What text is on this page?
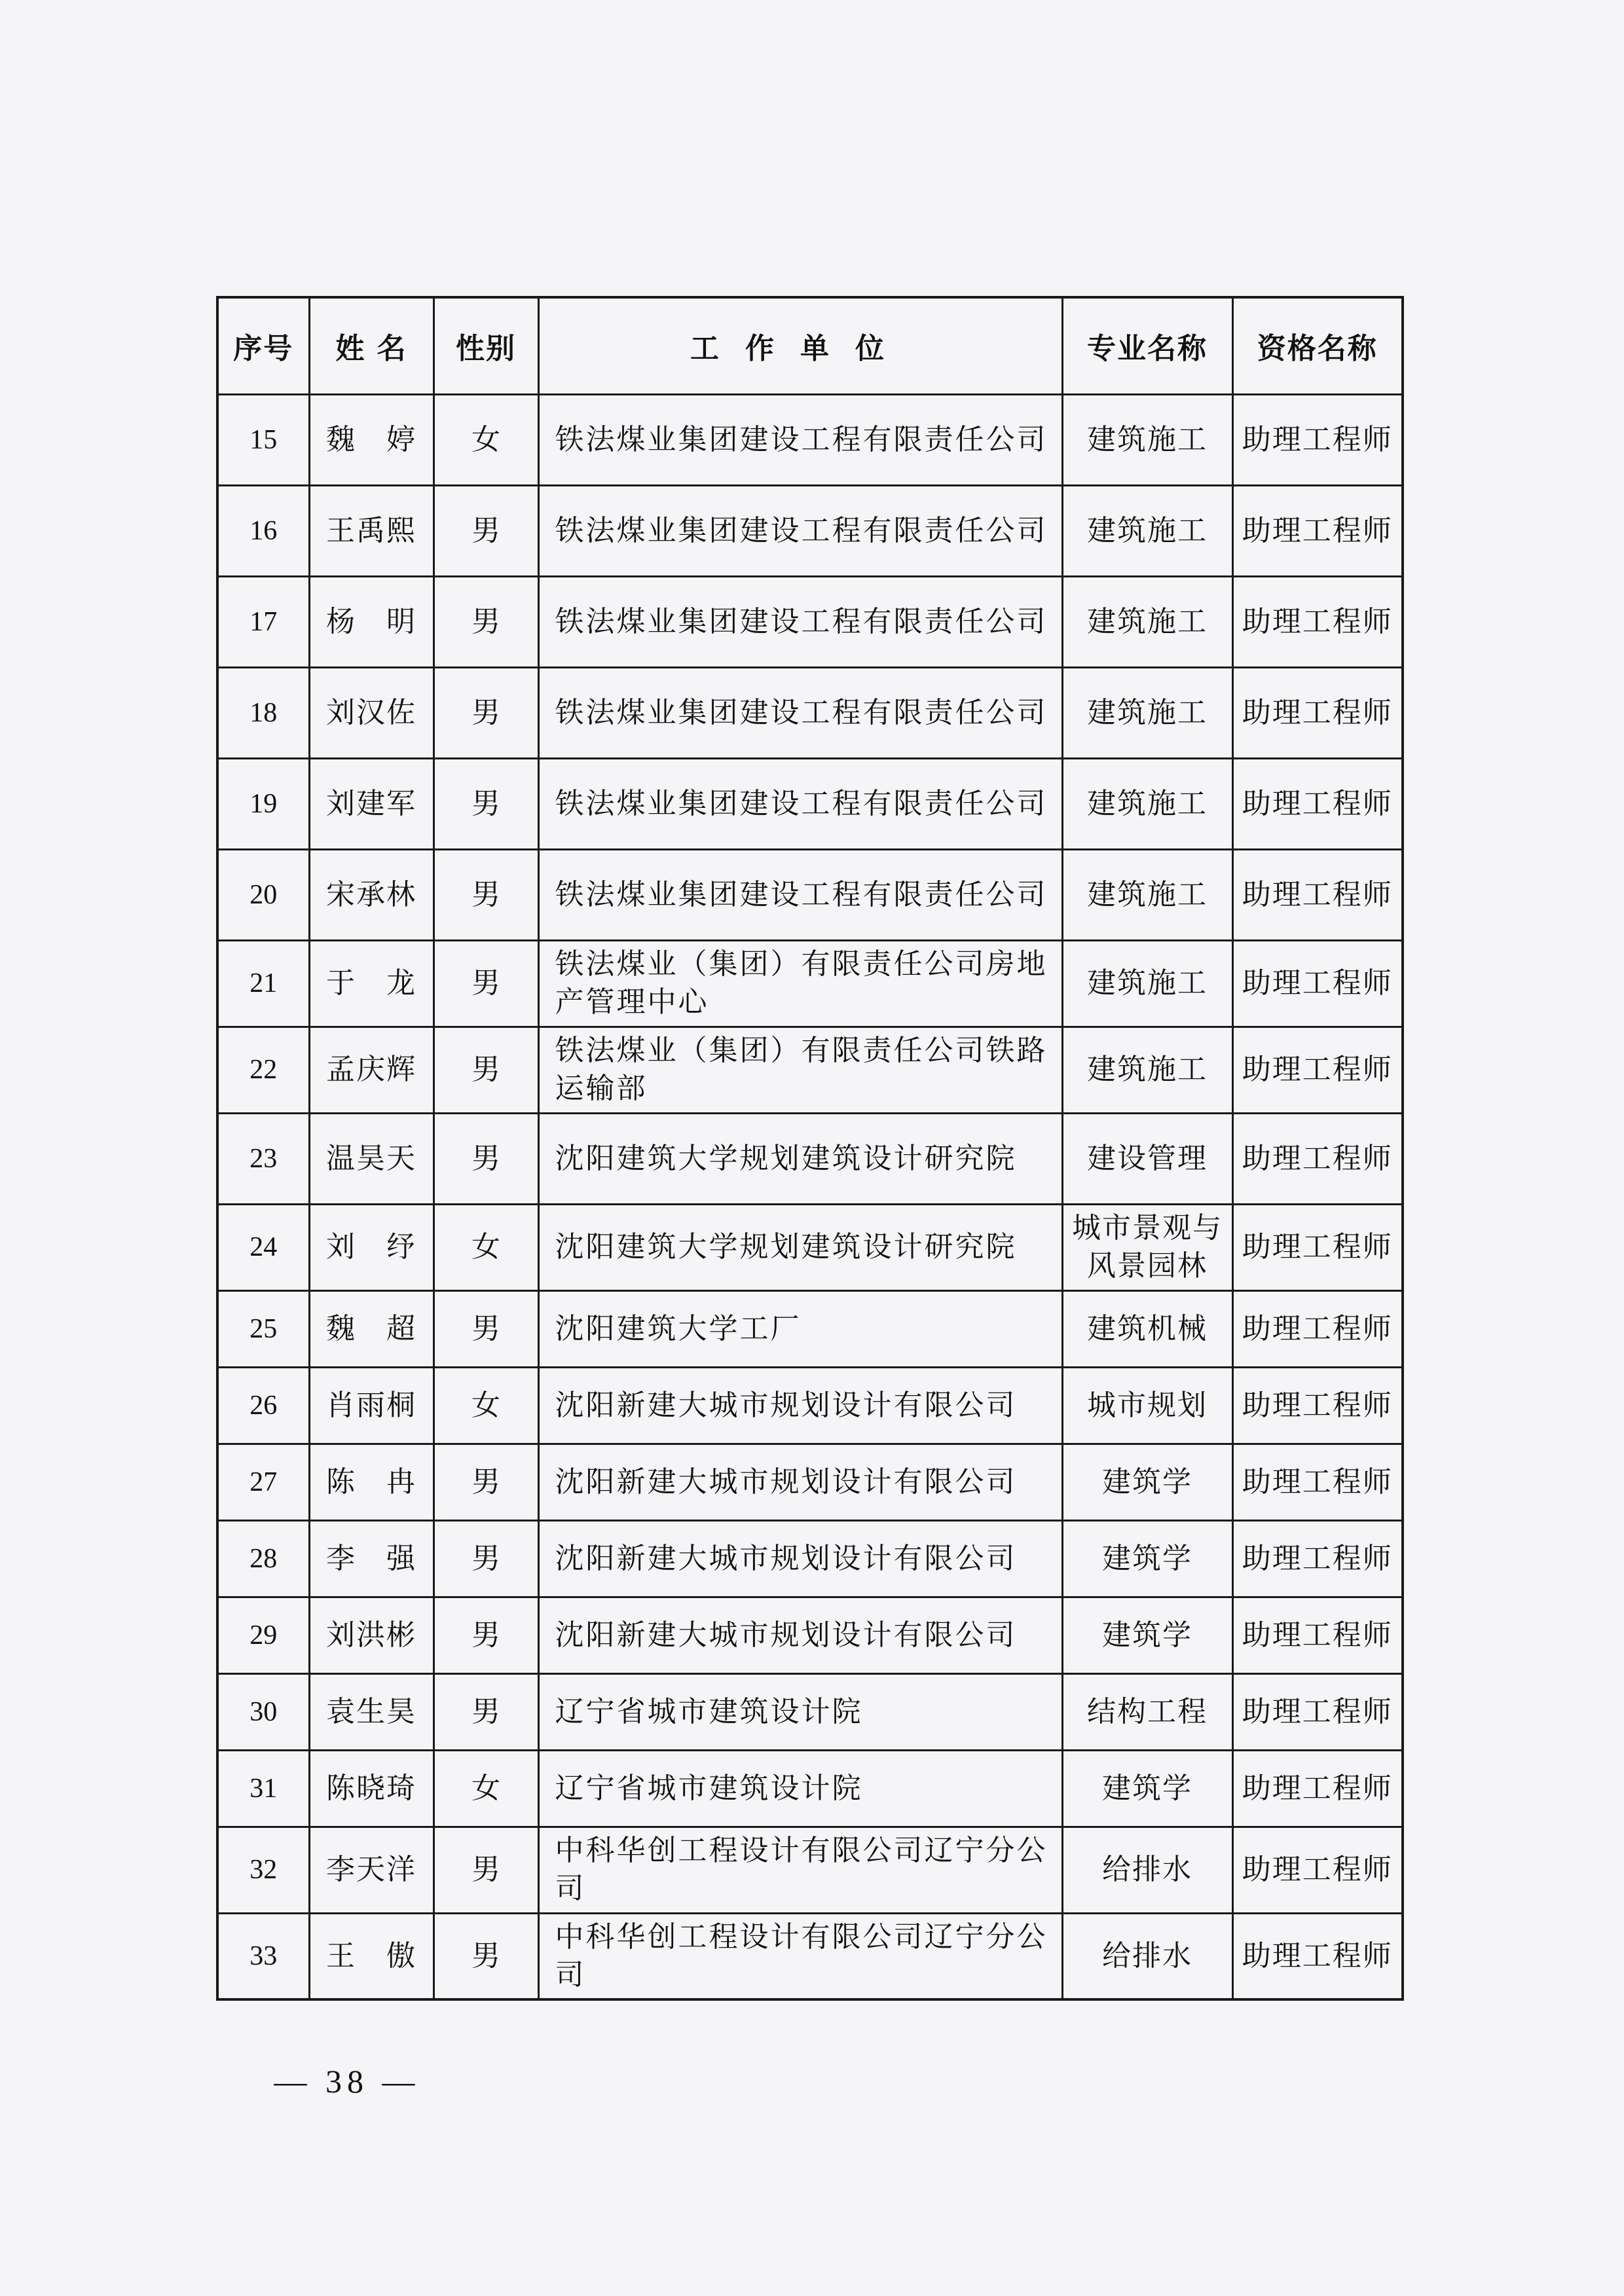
序号	姓 名	性别	工作单位	专业名称	资格名称
15	魏　婷	女	铁法煤业集团建设工程有限责任公司	建筑施工	助理工程师
16	王禹熙	男	铁法煤业集团建设工程有限责任公司	建筑施工	助理工程师
17	杨　明	男	铁法煤业集团建设工程有限责任公司	建筑施工	助理工程师
18	刘汉佐	男	铁法煤业集团建设工程有限责任公司	建筑施工	助理工程师
19	刘建军	男	铁法煤业集团建设工程有限责任公司	建筑施工	助理工程师
20	宋承林	男	铁法煤业集团建设工程有限责任公司	建筑施工	助理工程师
21	于　龙	男	铁法煤业（集团）有限责任公司房地产管理中心	建筑施工	助理工程师
22	孟庆辉	男	铁法煤业（集团）有限责任公司铁路运输部	建筑施工	助理工程师
23	温昊天	男	沈阳建筑大学规划建筑设计研究院	建设管理	助理工程师
24	刘　纾	女	沈阳建筑大学规划建筑设计研究院	城市景观与风景园林	助理工程师
25	魏　超	男	沈阳建筑大学工厂	建筑机械	助理工程师
26	肖雨桐	女	沈阳新建大城市规划设计有限公司	城市规划	助理工程师
27	陈　冉	男	沈阳新建大城市规划设计有限公司	建筑学	助理工程师
28	李　强	男	沈阳新建大城市规划设计有限公司	建筑学	助理工程师
29	刘洪彬	男	沈阳新建大城市规划设计有限公司	建筑学	助理工程师
30	袁生昊	男	辽宁省城市建筑设计院	结构工程	助理工程师
31	陈晓琦	女	辽宁省城市建筑设计院	建筑学	助理工程师
32	李天洋	男	中科华创工程设计有限公司辽宁分公司	给排水	助理工程师
33	王　傲	男	中科华创工程设计有限公司辽宁分公司	给排水	助理工程师
— 38 —
